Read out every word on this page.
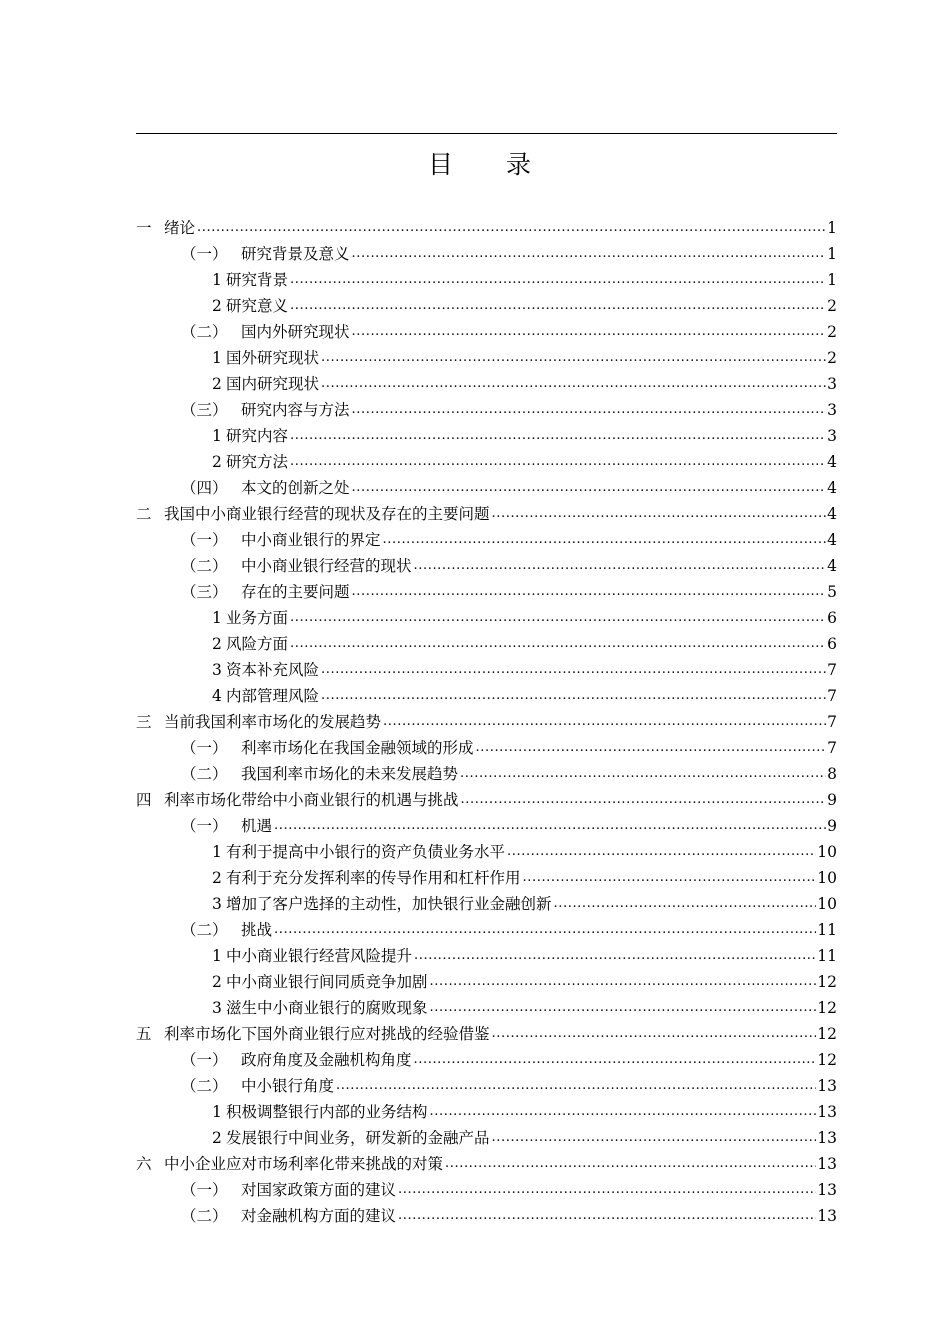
目　录
一 绪论 .....	1
（一） 研究背景及意义 .....	1
1 研究背景 .....	1
2 研究意义 .....	2
（二） 国内外研究现状 .....	2
1 国外研究现状 .....	2
2 国内研究现状 .....	3
（三） 研究内容与方法 .....	3
1 研究内容 .....	3
2 研究方法 .....	4
（四） 本文的创新之处 .....	4
二 我国中小商业银行经营的现状及存在的主要问题 .....	4
（一） 中小商业银行的界定 .....	4
（二） 中小商业银行经营的现状 .....	4
（三） 存在的主要问题 .....	5
1 业务方面 .....	6
2 风险方面 .....	6
3 资本补充风险 .....	7
4 内部管理风险 .....	7
三 当前我国利率市场化的发展趋势 .....	7
（一） 利率市场化在我国金融领域的形成 .....	7
（二） 我国利率市场化的未来发展趋势 .....	8
四 利率市场化带给中小商业银行的机遇与挑战 .....	9
（一） 机遇 .....	9
1 有利于提高中小银行的资产负债业务水平 .....	10
2 有利于充分发挥利率的传导作用和杠杆作用 .....	10
3 增加了客户选择的主动性，加快银行业金融创新 .....	10
（二） 挑战 .....	11
1 中小商业银行经营风险提升 .....	11
2 中小商业银行间同质竞争加剧 .....	12
3 滋生中小商业银行的腐败现象 .....	12
五 利率市场化下国外商业银行应对挑战的经验借鉴 .....	12
（一） 政府角度及金融机构角度 .....	12
（二） 中小银行角度 .....	13
1 积极调整银行内部的业务结构 .....	13
2 发展银行中间业务，研发新的金融产品 .....	13
六 中小企业应对市场利率化带来挑战的对策 .....	13
（一） 对国家政策方面的建议 .....	13
（二） 对金融机构方面的建议 .....	13
